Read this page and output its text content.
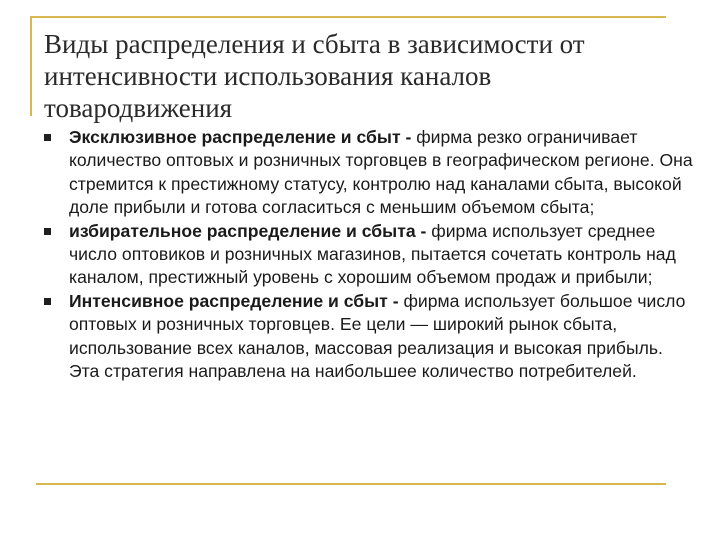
Виды распределения и сбыта в зависимости от интенсивности использования каналов товародвижения
Эксклюзивное распределение и сбыт - фирма резко ограничивает количество оптовых и розничных торговцев в географическом регионе. Она стремится к престижному статусу, контролю над каналами сбыта, высокой доле прибыли и готова согласиться с меньшим объемом сбыта;
избирательное распределение и сбыта - фирма использует среднее число оптовиков и розничных магазинов, пытается сочетать контроль над каналом, престижный уровень с хорошим объемом продаж и прибыли;
Интенсивное распределение и сбыт - фирма использует большое число оптовых и розничных торговцев. Ее цели — широкий рынок сбыта, использование всех каналов, массовая реализация и высокая прибыль. Эта стратегия направлена на наибольшее количество потребителей.
